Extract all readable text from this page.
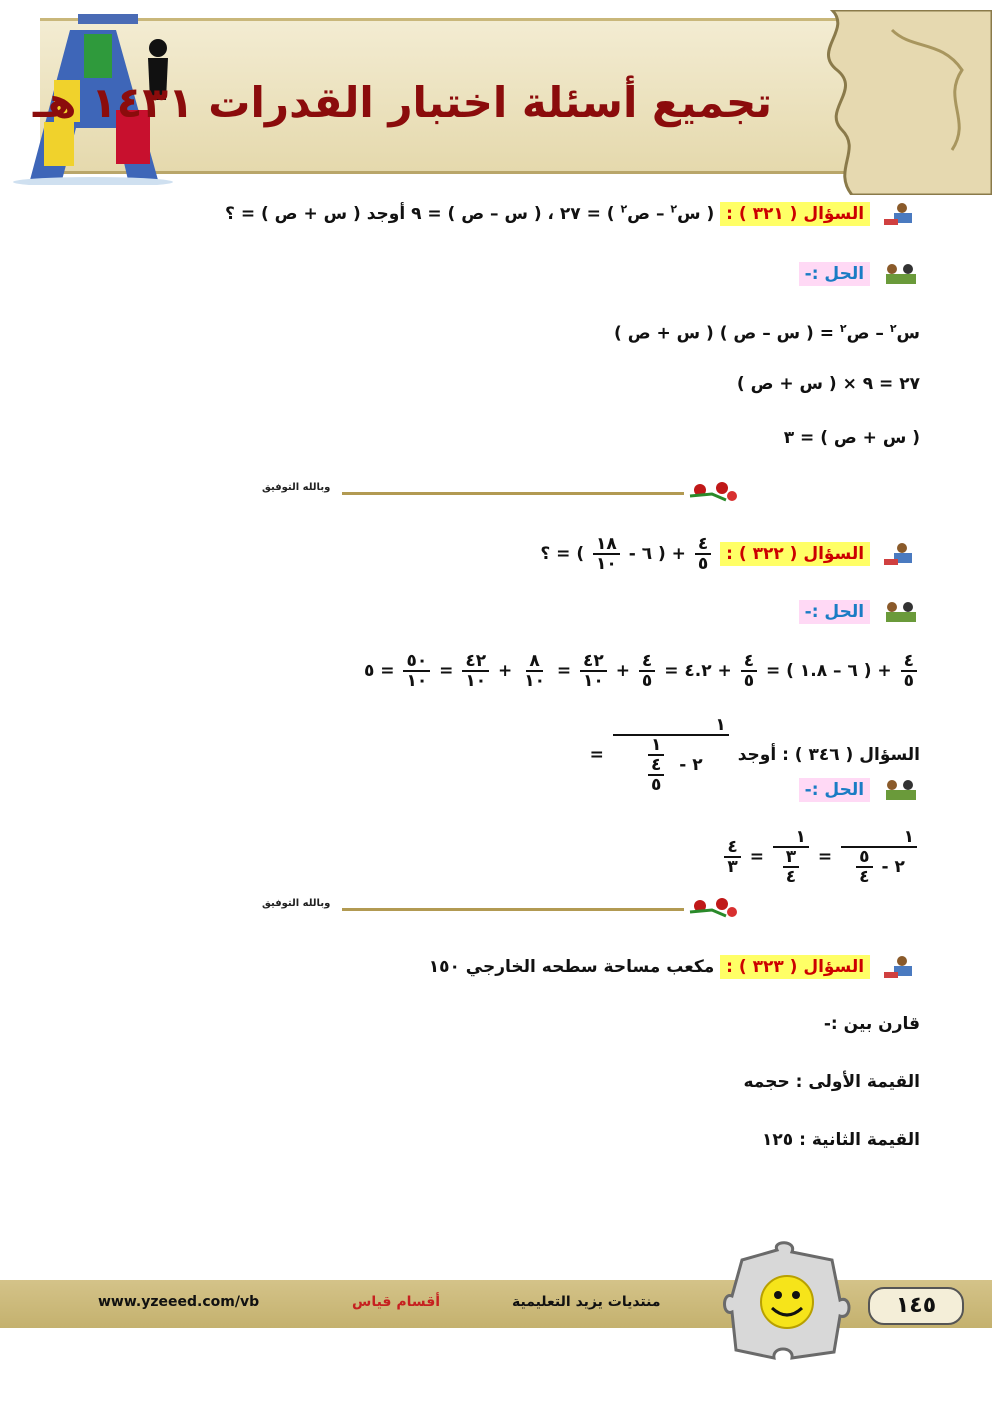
تجميع أسئلة اختبار القدرات ١٤٣١ هـ
السؤال ( ٣٢١ ) : ( س$^٢$ – ص$^٢$ ) = ٢٧ ، ( س – ص ) = ٩ أوجد ( س + ص ) = ؟
الحل :-
س$^٢$ – ص$^٢$ = ( س – ص ) ( س + ص )
٢٧ = ٩ × ( س + ص )
( س + ص ) = ٣
وبالله التوفيق
السؤال ( ٣٢٢ ) :
$\frac{٤}{٥}$
+ ( ٦ -
$\frac{١٨}{١٠}$
) = ؟
الحل :-
$\frac{٤}{٥}$
+ ( ٦ – ١.٨ ) =
$\frac{٤}{٥}$
+ ٤.٢ =
$\frac{٤}{٥}$
+
$\frac{٤٢}{١٠}$
=
$\frac{٨}{١٠}$
+
$\frac{٤٢}{١٠}$
=
$\frac{٥٠}{١٠}$
= ٥
السؤال ( ٣٤٦ ) : أوجد
١
٢ -
$\frac{١}{\frac{٤}{٥}}$
=
الحل :-
١
٢ -
$\frac{٥}{٤}$
=
$\frac{١}{\frac{٣}{٤}}$
=
$\frac{٤}{٣}$
وبالله التوفيق
السؤال ( ٣٢٣ ) : مكعب مساحة سطحه الخارجي ١٥٠
قارن بين :-
القيمة الأولى : حجمه
القيمة الثانية : ١٢٥
www.yzeeed.com/vb	أقسام قياس	منتديات يزيد التعليمية	١٤٥
